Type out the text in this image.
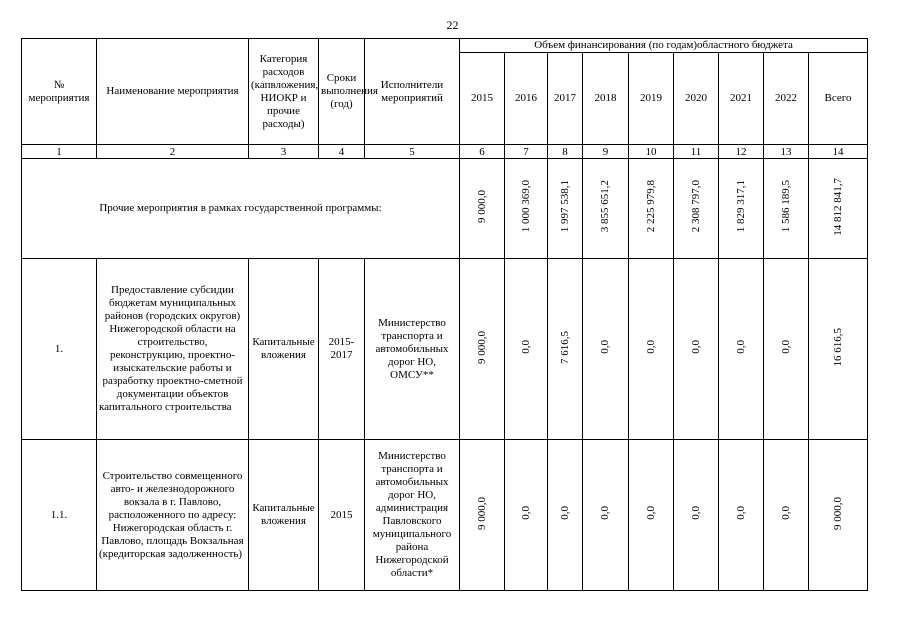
22
№ мероприятия	Наименование мероприятия	Категория расходов (капвложения, НИОКР и прочие расходы)	Сроки выполнения (год)	Исполнители мероприятий	Объем финансирования (по годам)областного бюджета								
					2015	2016	2017	2018	2019	2020	2021	2022	Всего
1	2	3	4	5	6	7	8	9	10	11	12	13	14
Прочие мероприятия в рамках государственной программы:					9 000,0	1 000 369,0	1 997 538,1	3 855 651,2	2 225 979,8	2 308 797,0	1 829 317,1	1 586 189,5	14 812 841,7
1.	Предоставление субсидии бюджетам муниципальных районов (городских округов) Нижегородской области на строительство, реконструкцию, проектно-изыскательские работы и разработку проектно-сметной документации объектов капитального строительства	Капитальные вложения	2015-2017	Министерство транспорта и автомобильных дорог НО, ОМСУ**	9 000,0	0,0	7 616,5	0,0	0,0	0,0	0,0	0,0	16 616,5
1.1.	Строительство совмещенного авто- и железнодорожного вокзала в г. Павлово, расположенного по адресу: Нижегородская область г. Павлово, площадь Вокзальная (кредиторская задолженность)	Капитальные вложения	2015	Министерство транспорта и автомобильных дорог НО, администрация Павловского муниципального района Нижегородской области*	9 000,0	0,0	0,0	0,0	0,0	0,0	0,0	0,0	9 000,0
